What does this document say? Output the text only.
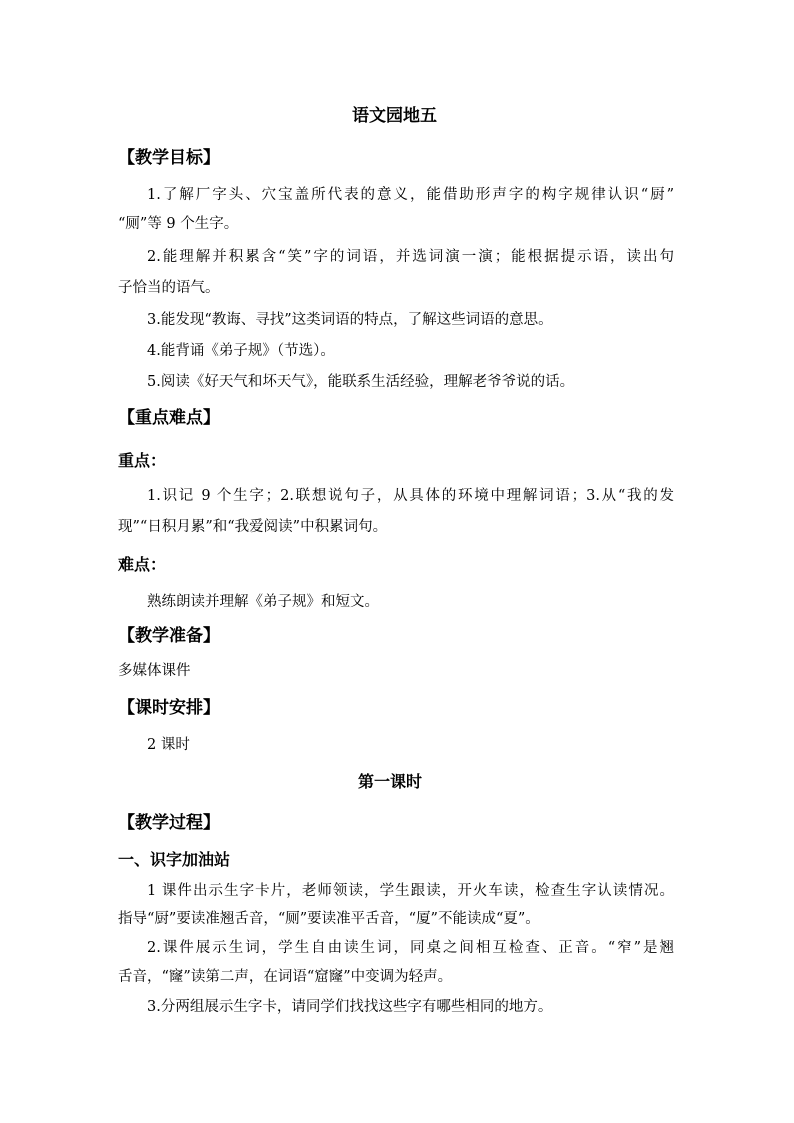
语文园地五
【教学目标】
1.了解厂字头、穴宝盖所代表的意义，能借助形声字的构字规律认识“厨”
“厕”等 9 个生字。
2.能理解并积累含“笑”字的词语，并选词演一演；能根据提示语，读出句
子恰当的语气。
3.能发现“教诲、寻找”这类词语的特点，了解这些词语的意思。
4.能背诵《弟子规》（节选）。
5.阅读《好天气和坏天气》，能联系生活经验，理解老爷爷说的话。
【重点难点】
重点：
1.识记 9 个生字；2.联想说句子，从具体的环境中理解词语；3.从“我的发
现”“日积月累”和“我爱阅读”中积累词句。
难点：
熟练朗读并理解《弟子规》和短文。
【教学准备】
多媒体课件
【课时安排】
2 课时
第一课时
【教学过程】
一、识字加油站
1 课件出示生字卡片，老师领读，学生跟读，开火车读，检查生字认读情况。
指导“厨”要读准翘舌音，“厕”要读准平舌音，“厦”不能读成“夏”。
2.课件展示生词，学生自由读生词，同桌之间相互检查、正音。“窄”是翘
舌音，“窿”读第二声，在词语“窟窿”中变调为轻声。
3.分两组展示生字卡，请同学们找找这些字有哪些相同的地方。
